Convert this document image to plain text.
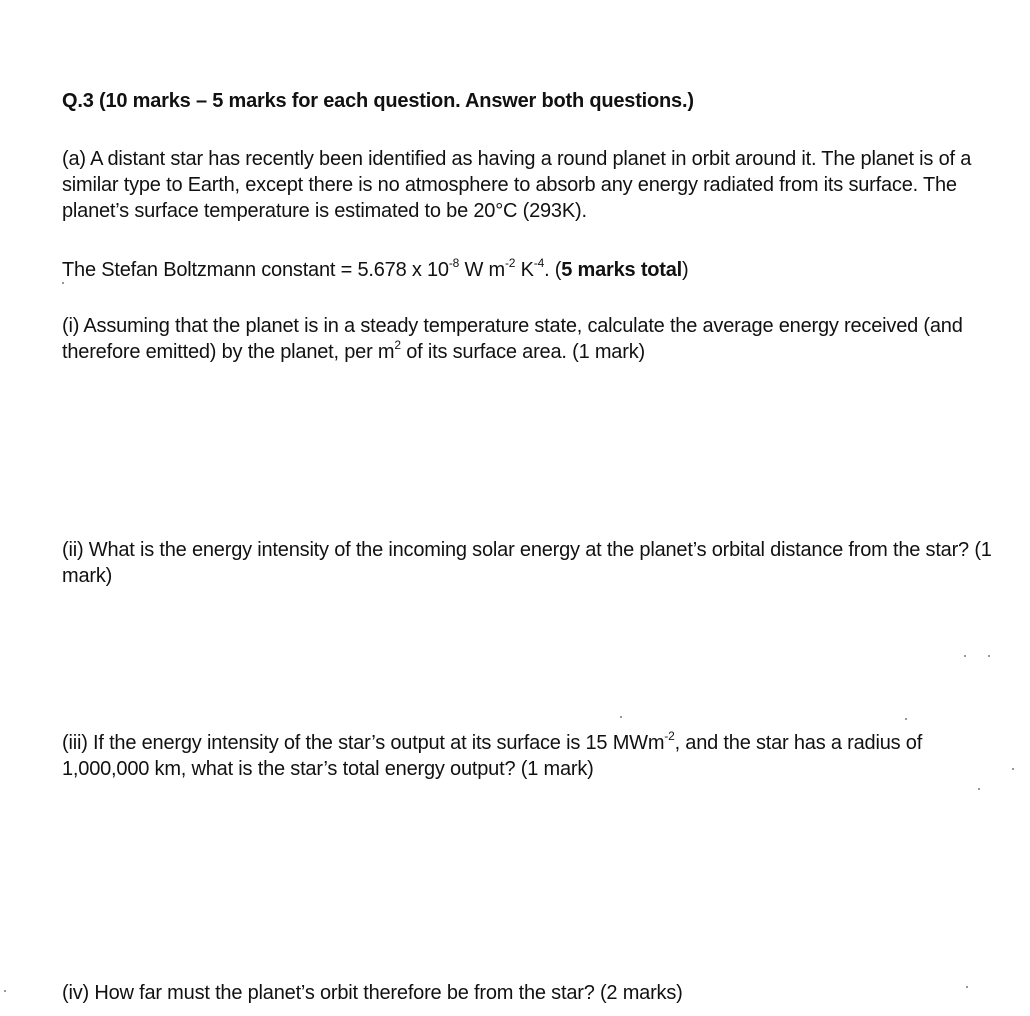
Q.3 (10 marks – 5 marks for each question. Answer both questions.)
(a) A distant star has recently been identified as having a round planet in orbit around it. The planet is of a similar type to Earth, except there is no atmosphere to absorb any energy radiated from its surface. The planet’s surface temperature is estimated to be 20°C (293K).
The Stefan Boltzmann constant = 5.678 x $10^{-8}$ W $m^{-2}$ $K^{-4}$. (5 marks total)
(i) Assuming that the planet is in a steady temperature state, calculate the average energy received (and therefore emitted) by the planet, per $m^2$ of its surface area. (1 mark)
(ii) What is the energy intensity of the incoming solar energy at the planet’s orbital distance from the star? (1 mark)
(iii) If the energy intensity of the star’s output at its surface is 15 MWm$^{-2}$, and the star has a radius of 1,000,000 km, what is the star’s total energy output? (1 mark)
(iv) How far must the planet’s orbit therefore be from the star? (2 marks)
